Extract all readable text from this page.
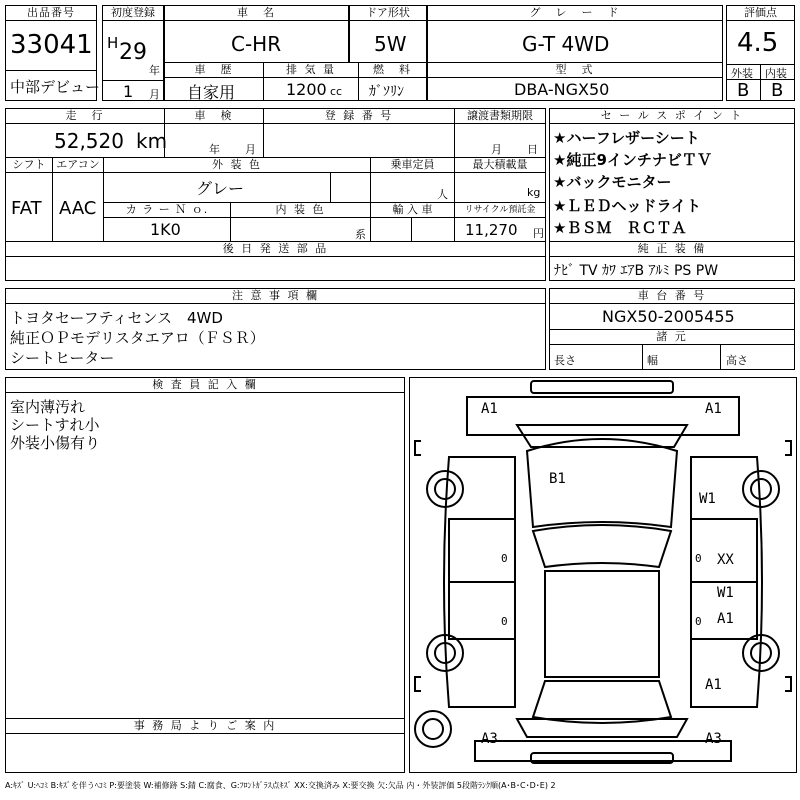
出品番号
33041
中部デビュー
初度登録
H 29
年
1 月
車　名
C-HR
ドア形状
5W
グ　レ　ー　ド
G-T 4WD
評価点
4.5
外装 内装
B B
車　歴
自家用
排 気 量
1200 cc
燃　料
ｶﾞｿﾘﾝ
型　式
DBA-NGX50
走　行
52,520 km
車　検
年 月
登 録 番 号	譲渡書類期限
月 日
シフト
FAT
エアコン
AAC
外 装 色
グレー
乗車定員
人
最大積載量
kg
カ ラ ー Ｎ ｏ.
1K0
内 装 色
系
輸 入 車	リサイクル預託金
11,270 円
後 日 発 送 部 品
セ ー ル ス ポ イ ン ト
★ハーフレザーシート
★純正9インチナビＴＶ
★バックモニター
★ＬＥＤヘッドライト
★ＢＳＭ　ＲＣＴＡ
純 正 装 備
ﾅﾋﾞ TV ｶﾜ ｴｱB ｱﾙﾐ PS PW
注 意 事 項 欄
トヨタセーフティセンス　4WD
純正ＯＰモデリスタエアロ（ＦＳＲ）
シートヒーター
車 台 番 号
NGX50-2005455
諸 元
長さ	幅	高さ
検 査 員 記 入 欄
室内薄汚れ
シートすれ小
外装小傷有り
事 務 局 よ り ご 案 内
A1	A1
B1
W1
XX
W1
A1
A1
A3	A3
0
0
0
0
A:ｷｽﾞ U:ﾍｺﾐ B:ｷｽﾞを伴うﾍｺﾐ P:要塗装 W:補修跡 S:錆 C:腐食、G:ﾌﾛﾝﾄｶﾞﾗｽ点ｷｽﾞ XX:交換済み X:要交換 欠:欠品 内・外装評価 5段階ﾗﾝｸ順(A･B･C･D･E) 2
